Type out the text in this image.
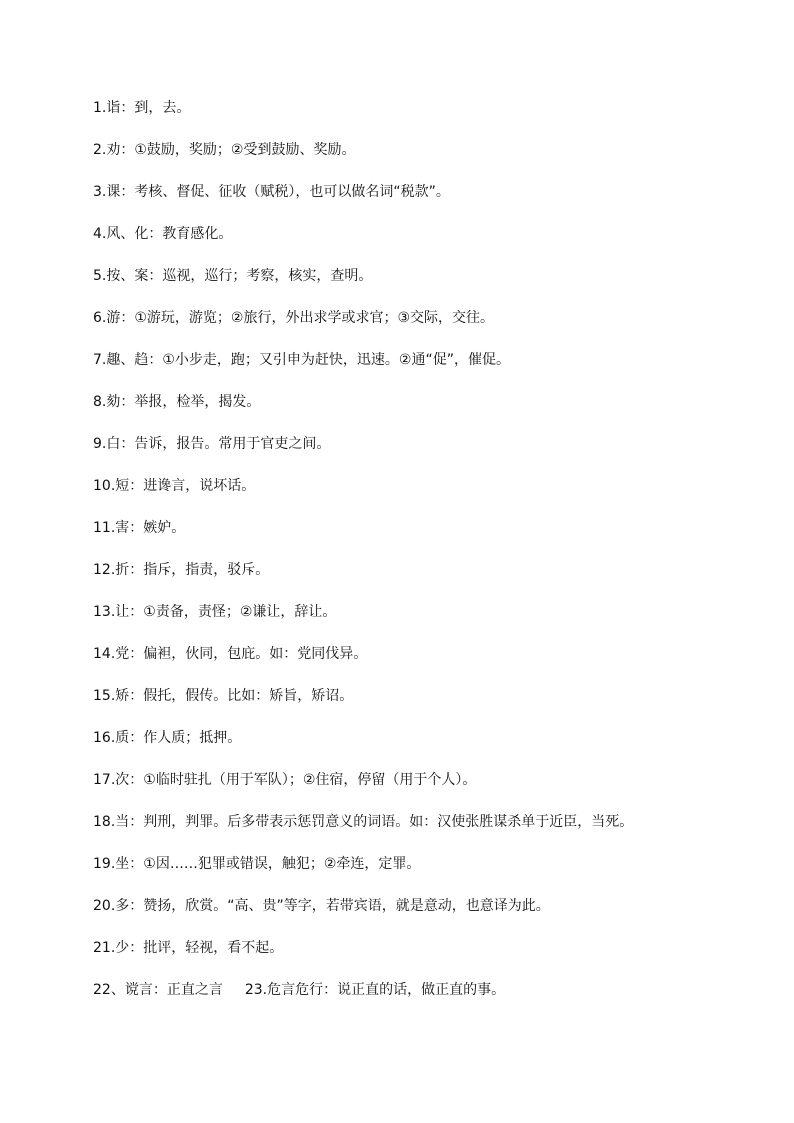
1.诣：到，去。
2.劝：①鼓励，奖励；②受到鼓励、奖励。
3.课：考核、督促、征收（赋税），也可以做名词“税款”。
4.风、化：教育感化。
5.按、案：巡视，巡行；考察，核实，查明。
6.游：①游玩，游览；②旅行，外出求学或求官；③交际，交往。
7.趣、趋：①小步走，跑；又引申为赶快，迅速。②通“促”，催促。
8.劾：举报，检举，揭发。
9.白：告诉，报告。常用于官吏之间。
10.短：进谗言，说坏话。
11.害：嫉妒。
12.折：指斥，指责，驳斥。
13.让：①责备，责怪；②谦让，辞让。
14.党：偏袒，伙同，包庇。如：党同伐异。
15.矫：假托，假传。比如：矫旨，矫诏。
16.质：作人质；抵押。
17.次：①临时驻扎（用于军队）；②住宿，停留（用于个人）。
18.当：判刑，判罪。后多带表示惩罚意义的词语。如：汉使张胜谋杀单于近臣，当死。
19.坐：①因……犯罪或错误，触犯；②牵连，定罪。
20.多：赞扬，欣赏。“高、贵”等字，若带宾语，就是意动，也意译为此。
21.少：批评，轻视，看不起。
22、谠言：正直之言 23.危言危行：说正直的话，做正直的事。
